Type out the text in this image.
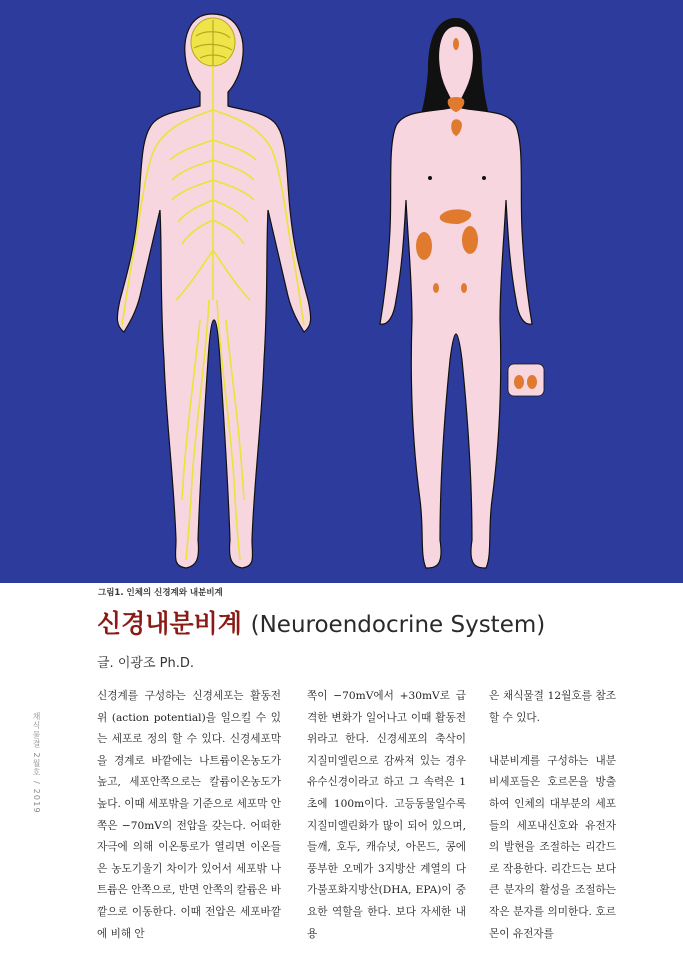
그림1. 인체의 신경계와 내분비계
신경내분비계 (Neuroendocrine System)
글. 이광조 Ph.D.
채식물결 2월호 / 2019

신경계를 구성하는 신경세포는 활동전위 (action potential)을 일으킬 수 있는 세포로 정의 할 수 있다. 신경세포막을 경계로 바깥에는 나트륨이온농도가 높고, 세포안쪽으로는 칼륨이온농도가 높다. 이때 세포밖을 기준으로 세포막 안쪽은 −70mV의 전압을 갖는다. 어떠한 자극에 의해 이온통로가 열리면 이온들은 농도기울기 차이가 있어서 세포밖 나트륨은 안쪽으로, 반면 안쪽의 칼륨은 바깥으로 이동한다. 이때 전압은 세포바깥에 비해 안

쪽이 −70mV에서 +30mV로 급격한 변화가 일어나고 이때 활동전위라고 한다. 신경세포의 축삭이 지질미엘린으로 감싸져 있는 경우 유수신경이라고 하고 그 속력은 1초에 100m이다. 고등동물일수록 지질미엘린화가 많이 되어 있으며, 들깨, 호두, 캐슈넛, 아몬드, 콩에 풍부한 오메가 3지방산 계열의 다가불포화지방산(DHA, EPA)이 중요한 역할을 한다. 보다 자세한 내용

은 채식물결 12월호를 참조할 수 있다.

내분비계를 구성하는 내분비세포들은 호르몬을 방출하여 인체의 대부분의 세포들의 세포내신호와 유전자의 발현을 조절하는 리간드로 작용한다. 리간드는 보다 큰 분자의 활성을 조절하는 작은 분자를 의미한다. 호르몬이 유전자를
